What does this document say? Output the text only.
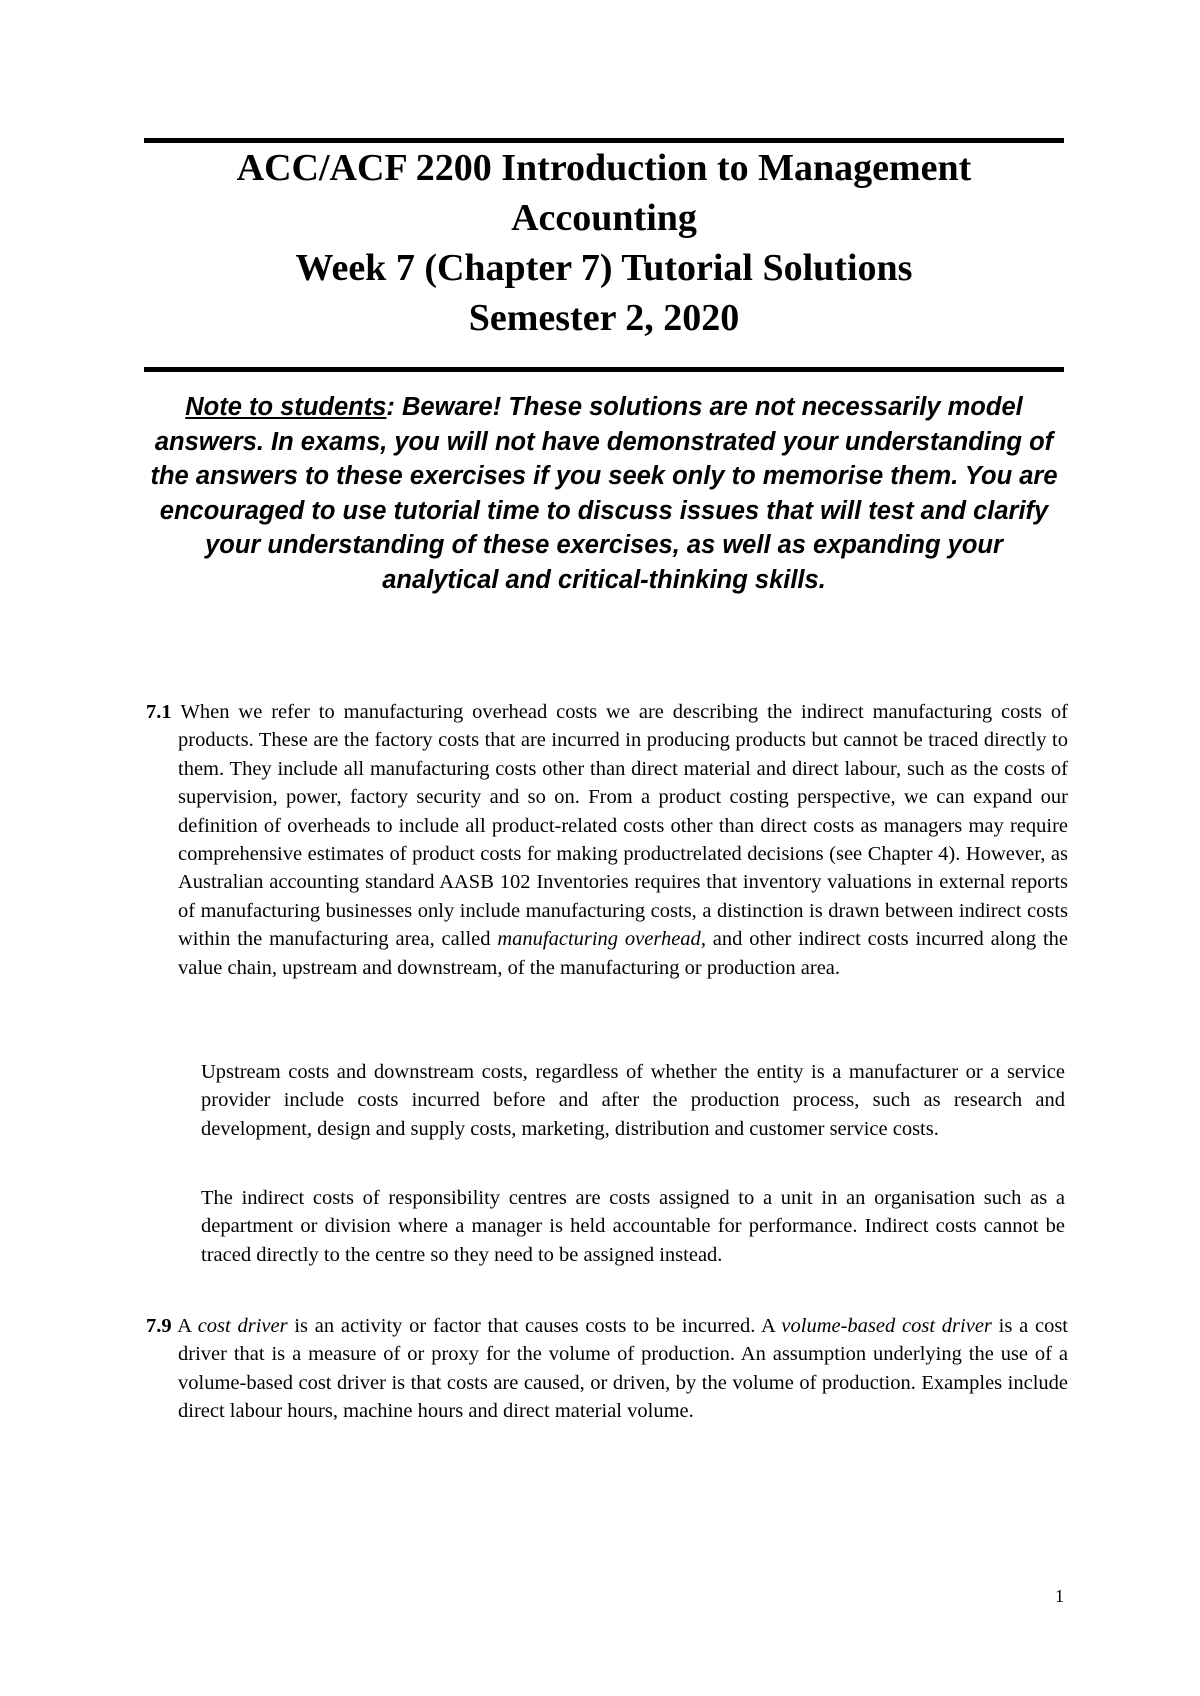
ACC/ACF 2200 Introduction to Management
Accounting
Week 7 (Chapter 7) Tutorial Solutions
Semester 2, 2020
Note to students: Beware! These solutions are not necessarily model answers. In exams, you will not have demonstrated your understanding of the answers to these exercises if you seek only to memorise them. You are encouraged to use tutorial time to discuss issues that will test and clarify your understanding of these exercises, as well as expanding your analytical and critical-thinking skills.
7.1 When we refer to manufacturing overhead costs we are describing the indirect manufacturing costs of products. These are the factory costs that are incurred in producing products but cannot be traced directly to them. They include all manufacturing costs other than direct material and direct labour, such as the costs of supervision, power, factory security and so on. From a product costing perspective, we can expand our definition of overheads to include all product-related costs other than direct costs as managers may require comprehensive estimates of product costs for making productrelated decisions (see Chapter 4). However, as Australian accounting standard AASB 102 Inventories requires that inventory valuations in external reports of manufacturing businesses only include manufacturing costs, a distinction is drawn between indirect costs within the manufacturing area, called manufacturing overhead, and other indirect costs incurred along the value chain, upstream and downstream, of the manufacturing or production area.
Upstream costs and downstream costs, regardless of whether the entity is a manufacturer or a service provider include costs incurred before and after the production process, such as research and development, design and supply costs, marketing, distribution and customer service costs.
The indirect costs of responsibility centres are costs assigned to a unit in an organisation such as a department or division where a manager is held accountable for performance. Indirect costs cannot be traced directly to the centre so they need to be assigned instead.
7.9 A cost driver is an activity or factor that causes costs to be incurred. A volume-based cost driver is a cost driver that is a measure of or proxy for the volume of production. An assumption underlying the use of a volume-based cost driver is that costs are caused, or driven, by the volume of production. Examples include direct labour hours, machine hours and direct material volume.
1
